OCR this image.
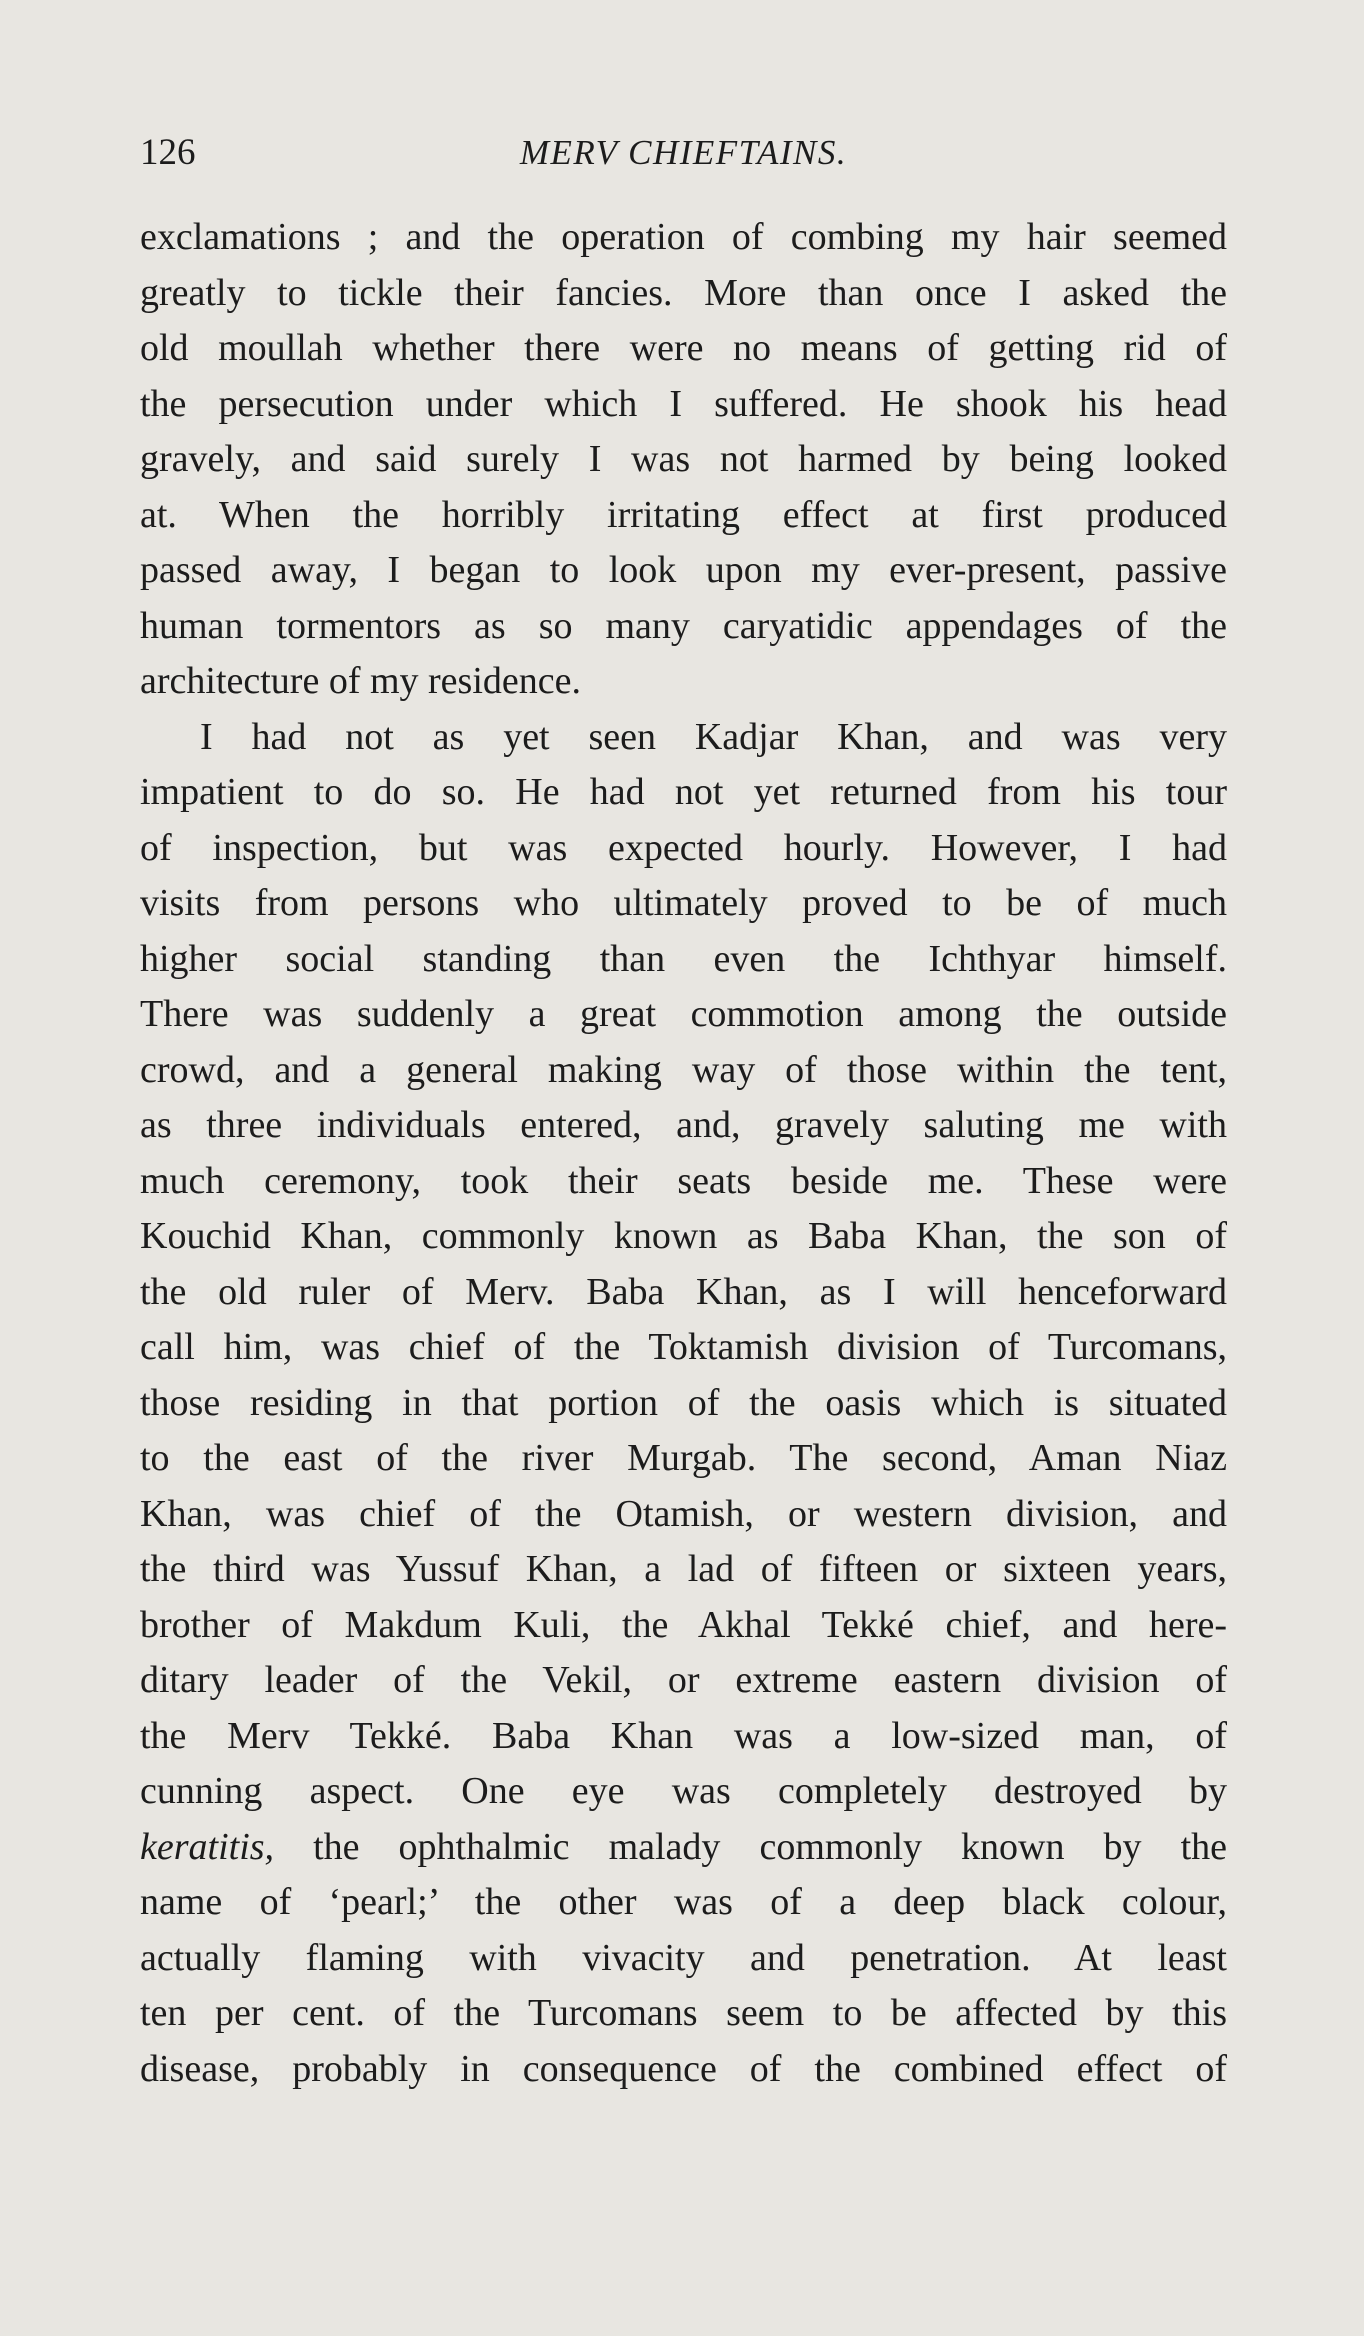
126	MERV CHIEFTAINS.
exclamations ; and the operation of combing my hair seemed
greatly to tickle their fancies. More than once I asked the
old moullah whether there were no means of getting rid of
the persecution under which I suffered. He shook his head
gravely, and said surely I was not harmed by being looked
at. When the horribly irritating effect at first produced
passed away, I began to look upon my ever-present, passive
human tormentors as so many caryatidic appendages of the
architecture of my residence.
I had not as yet seen Kadjar Khan, and was very
impatient to do so. He had not yet returned from his tour
of inspection, but was expected hourly. However, I had
visits from persons who ultimately proved to be of much
higher social standing than even the Ichthyar himself.
There was suddenly a great commotion among the outside
crowd, and a general making way of those within the tent,
as three individuals entered, and, gravely saluting me with
much ceremony, took their seats beside me. These were
Kouchid Khan, commonly known as Baba Khan, the son of
the old ruler of Merv. Baba Khan, as I will henceforward
call him, was chief of the Toktamish division of Turcomans,
those residing in that portion of the oasis which is situated
to the east of the river Murgab. The second, Aman Niaz
Khan, was chief of the Otamish, or western division, and
the third was Yussuf Khan, a lad of fifteen or sixteen years,
brother of Makdum Kuli, the Akhal Tekké chief, and here-
ditary leader of the Vekil, or extreme eastern division of
the Merv Tekké. Baba Khan was a low-sized man, of
cunning aspect. One eye was completely destroyed by
keratitis, the ophthalmic malady commonly known by the
name of ‘pearl;’ the other was of a deep black colour,
actually flaming with vivacity and penetration. At least
ten per cent. of the Turcomans seem to be affected by this
disease, probably in consequence of the combined effect of
